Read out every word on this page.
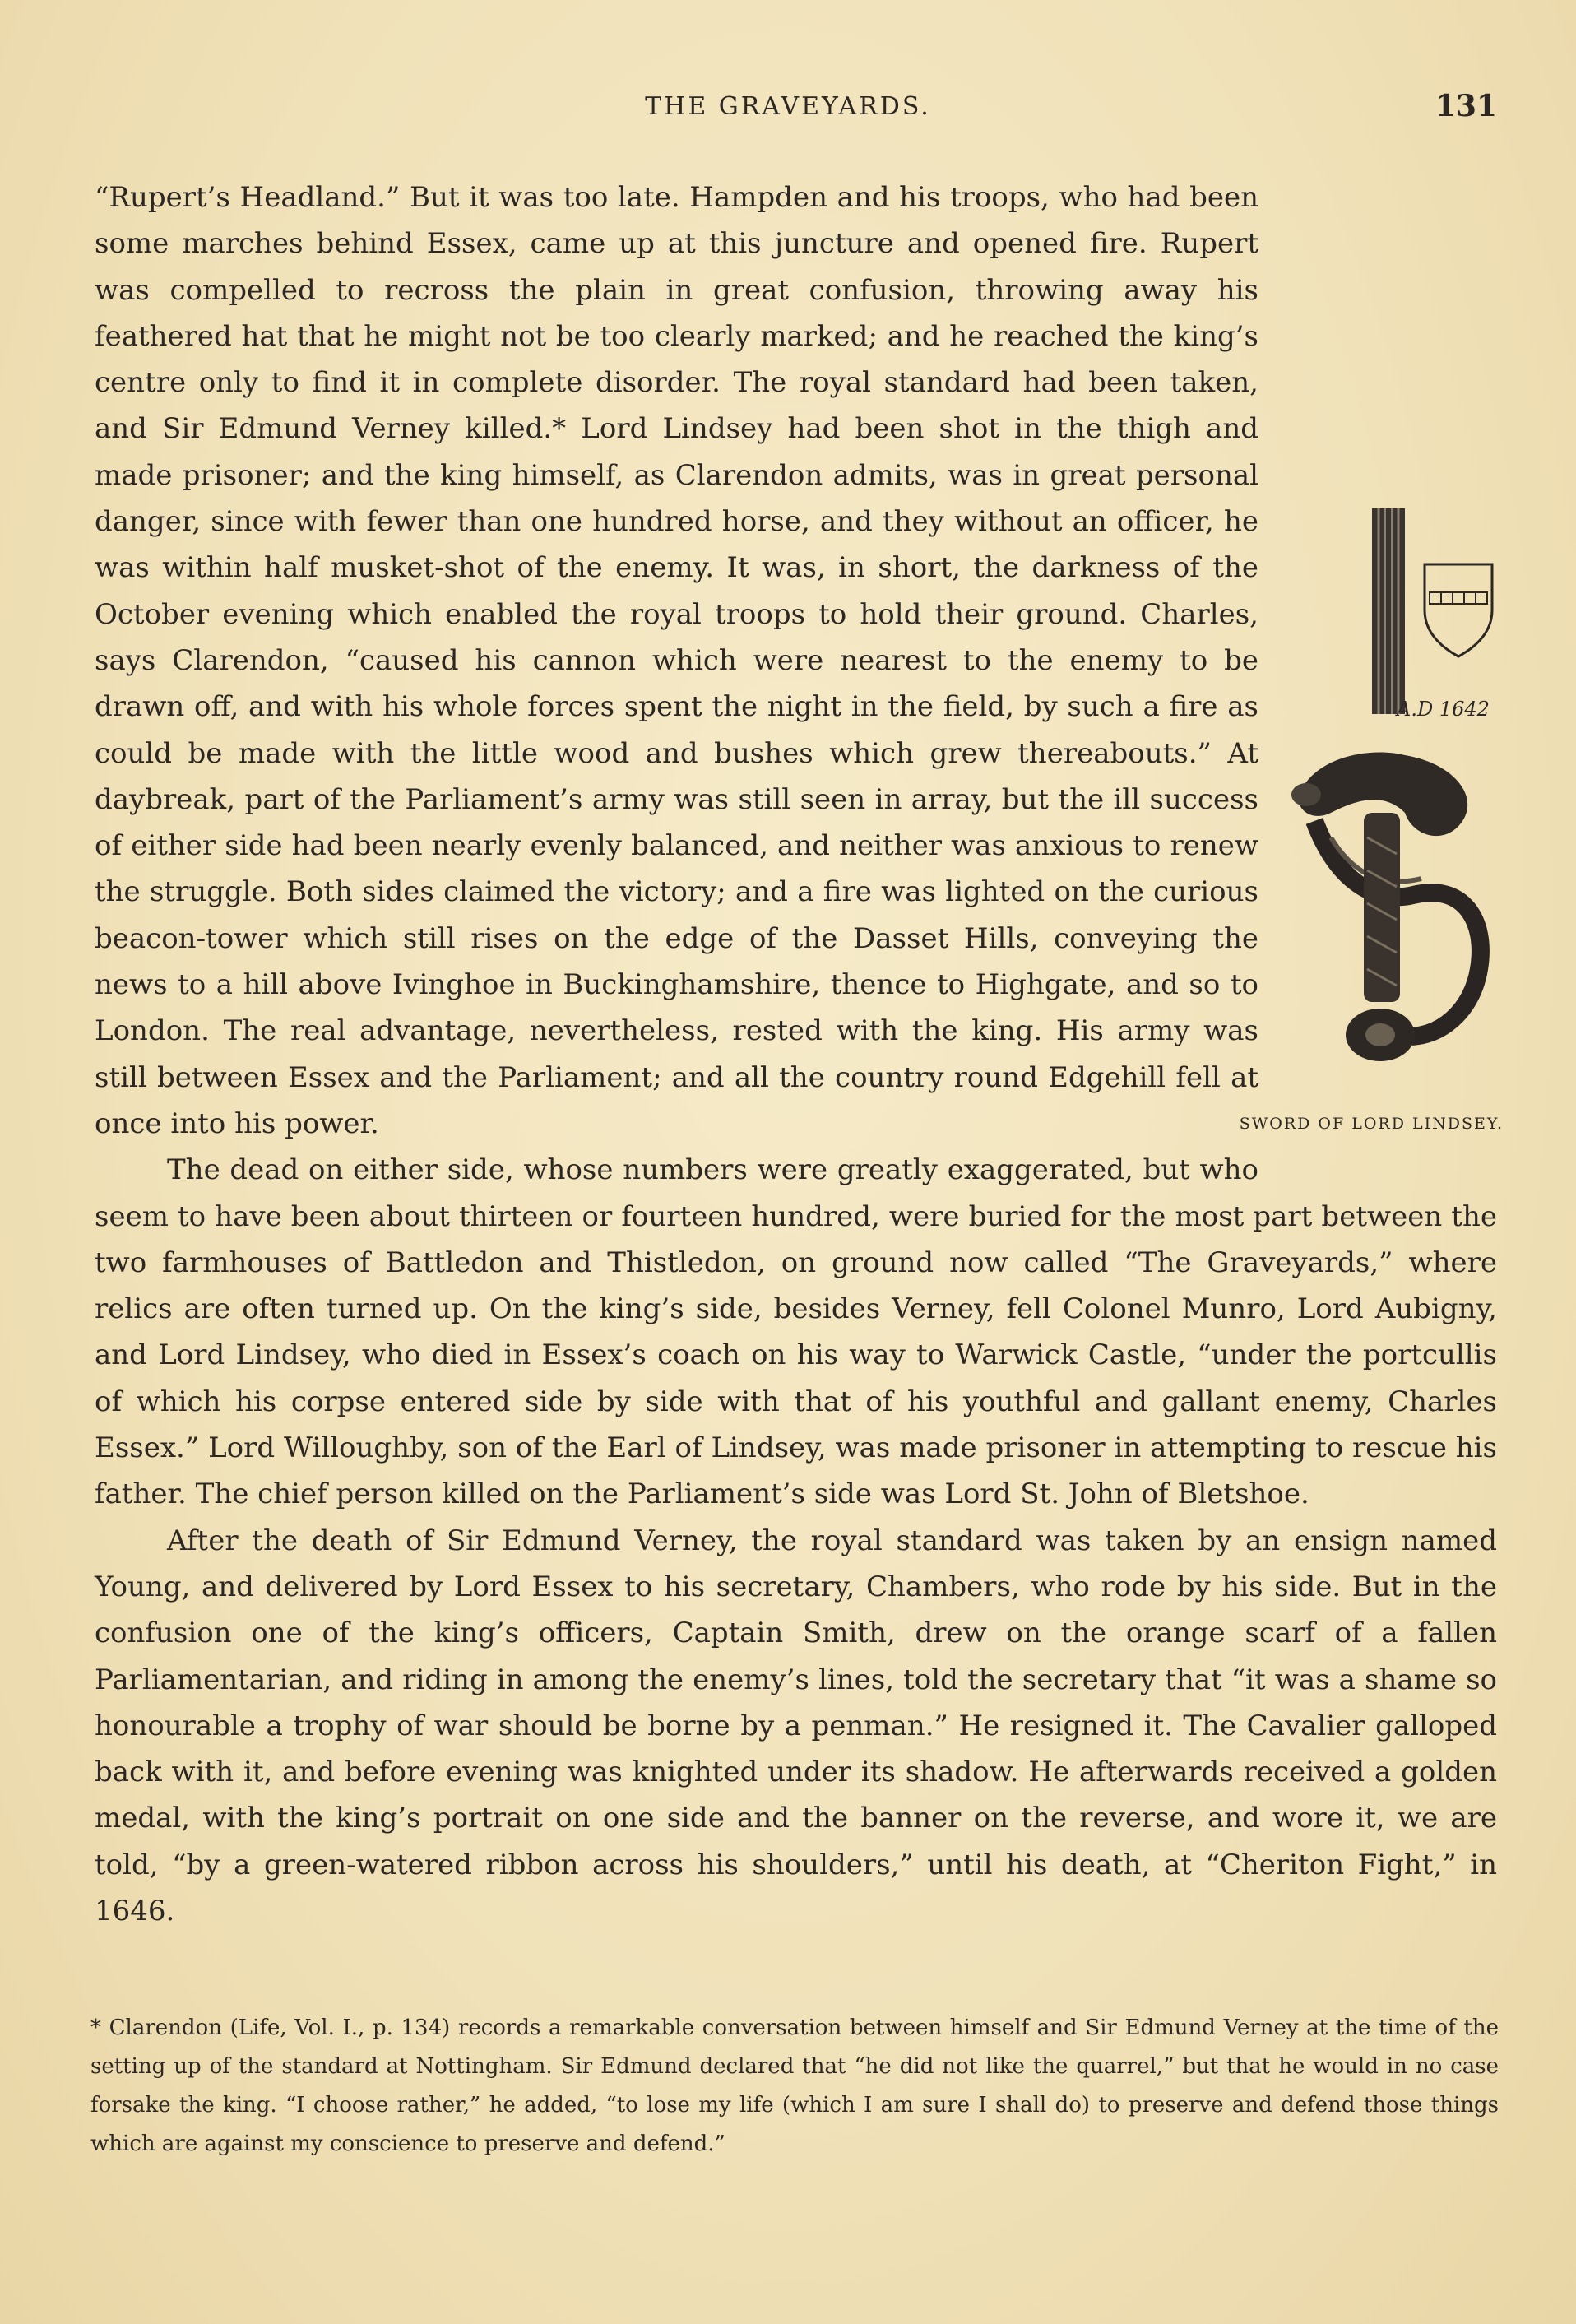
THE GRAVEYARDS.	131
SWORD OF LORD LINDSEY.

“Rupert’s Headland.” But it was too late. Hampden and his troops, who had been some marches behind Essex, came up at this juncture and opened fire. Rupert was compelled to recross the plain in great confusion, throwing away his feathered hat that he might not be too clearly marked; and he reached the king’s centre only to find it in complete disorder. The royal standard had been taken, and Sir Edmund Verney killed.* Lord Lindsey had been shot in the thigh and made prisoner; and the king himself, as Clarendon admits, was in great personal danger, since with fewer than one hundred horse, and they without an officer, he was within half musket-shot of the enemy. It was, in short, the darkness of the October evening which enabled the royal troops to hold their ground. Charles, says Clarendon, “caused his cannon which were nearest to the enemy to be drawn off, and with his whole forces spent the night in the field, by such a fire as could be made with the little wood and bushes which grew thereabouts.” At daybreak, part of the Parliament’s army was still seen in array, but the ill success of either side had been nearly evenly balanced, and neither was anxious to renew the struggle. Both sides claimed the victory; and a fire was lighted on the curious beacon-tower which still rises on the edge of the Dasset Hills, conveying the news to a hill above Ivinghoe in Buckinghamshire, thence to Highgate, and so to London. The real advantage, nevertheless, rested with the king. His army was still between Essex and the Parliament; and all the country round Edgehill fell at once into his power.

The dead on either side, whose numbers were greatly exaggerated, but who seem to have been about thirteen or fourteen hundred, were buried for the most part between the two farmhouses of Battledon and Thistledon, on ground now called “The Graveyards,” where relics are often turned up. On the king’s side, besides Verney, fell Colonel Munro, Lord Aubigny, and Lord Lindsey, who died in Essex’s coach on his way to Warwick Castle, “under the portcullis of which his corpse entered side by side with that of his youthful and gallant enemy, Charles Essex.” Lord Willoughby, son of the Earl of Lindsey, was made prisoner in attempting to rescue his father. The chief person killed on the Parliament’s side was Lord St. John of Bletshoe.

After the death of Sir Edmund Verney, the royal standard was taken by an ensign named Young, and delivered by Lord Essex to his secretary, Chambers, who rode by his side. But in the confusion one of the king’s officers, Captain Smith, drew on the orange scarf of a fallen Parliamentarian, and riding in among the enemy’s lines, told the secretary that “it was a shame so honourable a trophy of war should be borne by a penman.” He resigned it. The Cavalier galloped back with it, and before evening was knighted under its shadow. He afterwards received a golden medal, with the king’s portrait on one side and the banner on the reverse, and wore it, we are told, “by a green-watered ribbon across his shoulders,” until his death, at “Cheriton Fight,” in 1646.

A.D 1642
* Clarendon (Life, Vol. I., p. 134) records a remarkable conversation between himself and Sir Edmund Verney at the time of the setting up of the standard at Nottingham. Sir Edmund declared that “he did not like the quarrel,” but that he would in no case forsake the king. “I choose rather,” he added, “to lose my life (which I am sure I shall do) to preserve and defend those things which are against my conscience to preserve and defend.”
